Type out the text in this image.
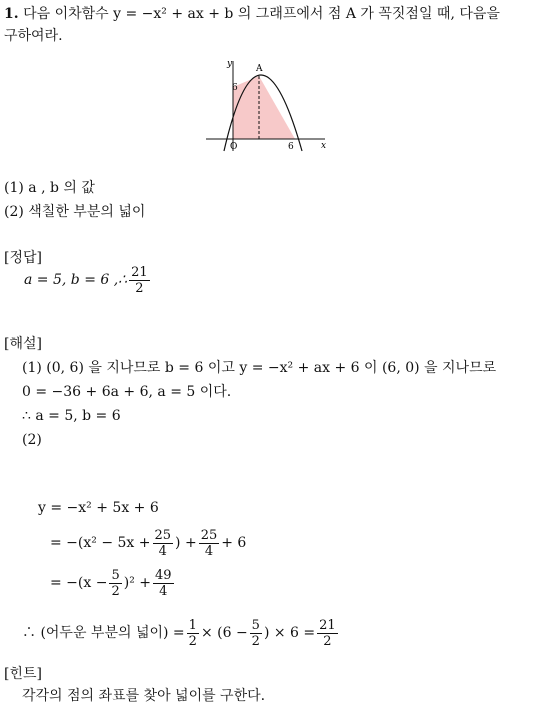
1. 다음 이차함수 y = −x² + ax + b 의 그래프에서 점 A 가 꼭짓점일 때, 다음을
구하여라.
y
x
O
6
6
A
(1) a , b 의 값
(2) 색칠한 부분의 넓이
[정답]
a = 5, b = 6 ,∴ $\frac{21}{2}$
[해설]
(1) (0, 6) 을 지나므로 b = 6 이고 y = −x² + ax + 6 이 (6, 0) 을 지나므로
0 = −36 + 6a + 6, a = 5 이다.
∴ a = 5, b = 6
(2)
y = −x² + 5x + 6
= $-(x^2 - 5x + \frac{25}{4}$ ) + $\frac{25}{4} + 6$
= $-(x - \frac{5}{2} )^2 + \frac{49}{4}$
∴ (어두운 부분의 넓이) = $\frac{1}{2} \times (6 - \frac{5}{2}$ ) × $6 = \frac{21}{2}$
[힌트]
각각의 점의 좌표를 찾아 넓이를 구한다.
